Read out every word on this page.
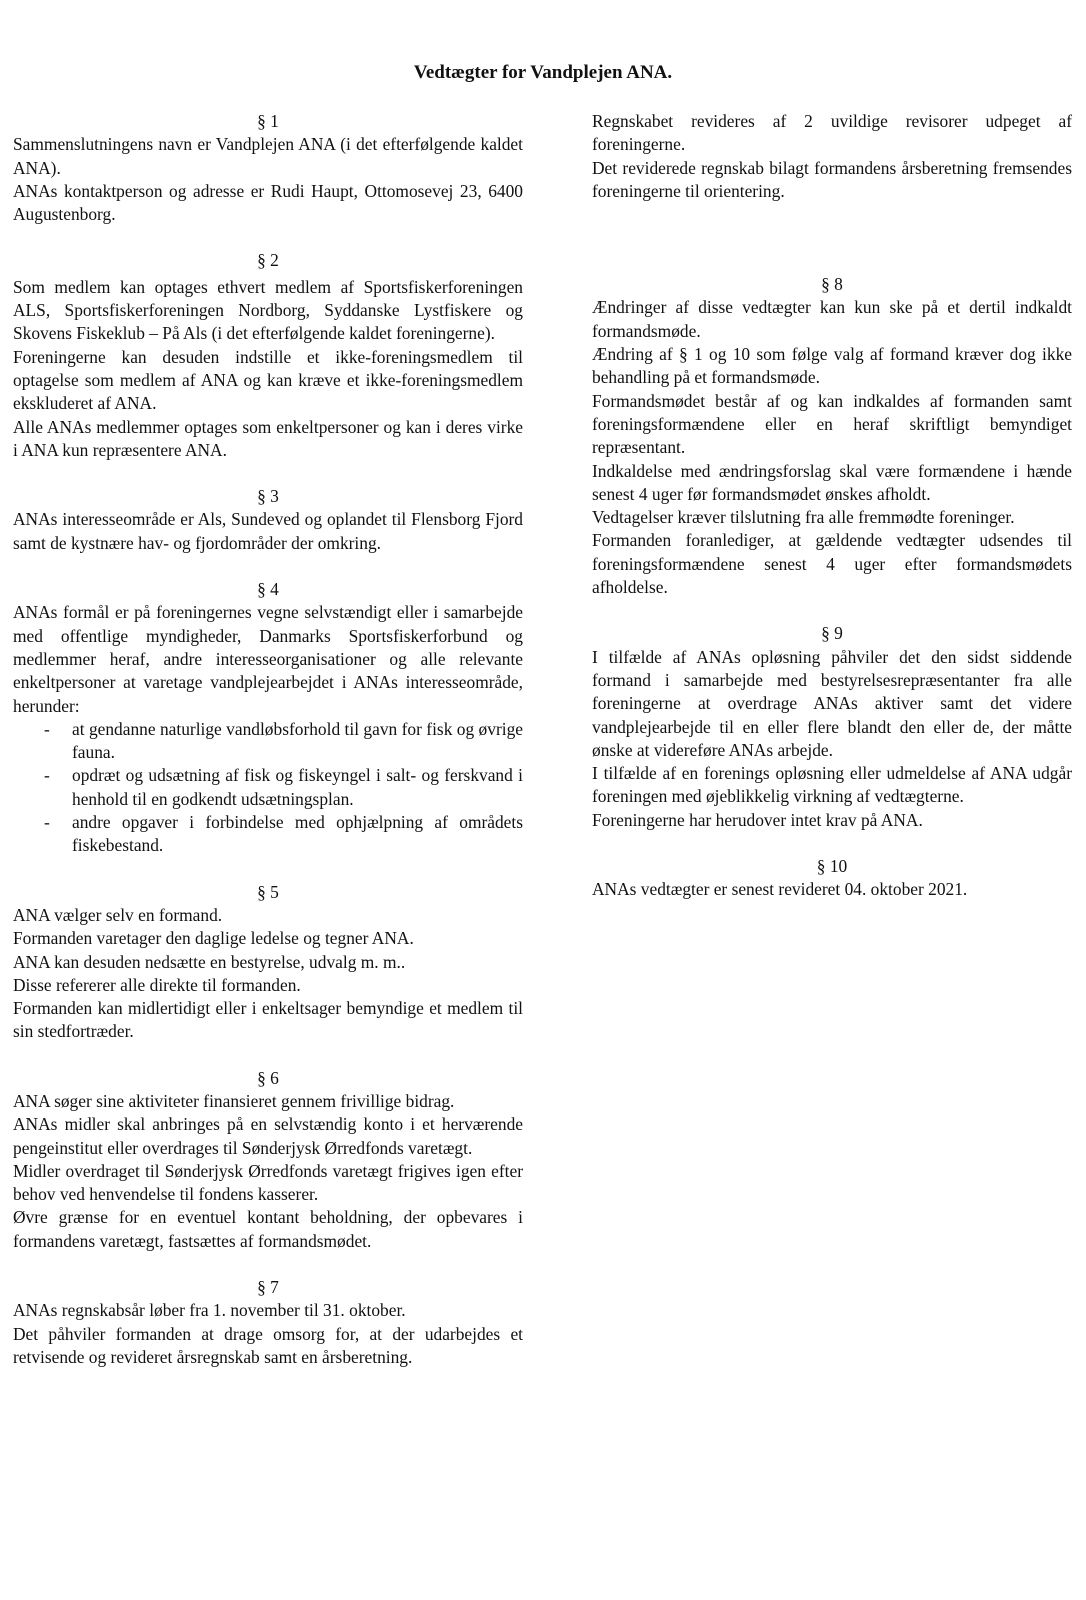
Vedtægter for Vandplejen ANA.
§ 1
Sammenslutningens navn er Vandplejen ANA (i det efterfølgende kaldet ANA).
ANAs kontaktperson og adresse er Rudi Haupt, Ottomosevej 23, 6400 Augustenborg.
§ 2
Som medlem kan optages ethvert medlem af Sportsfiskerforeningen ALS, Sportsfiskerforeningen Nordborg, Syddanske Lystfiskere og Skovens Fiskeklub – På Als (i det efterfølgende kaldet foreningerne).
Foreningerne kan desuden indstille et ikke-foreningsmedlem til optagelse som medlem af ANA og kan kræve et ikke-foreningsmedlem ekskluderet af ANA.
Alle ANAs medlemmer optages som enkeltpersoner og kan i deres virke i ANA kun repræsentere ANA.
§ 3
ANAs interesseområde er Als, Sundeved og oplandet til Flensborg Fjord samt de kystnære hav- og fjordområder der omkring.
§ 4
ANAs formål er på foreningernes vegne selvstændigt eller i samarbejde med offentlige myndigheder, Danmarks Sportsfiskerforbund og medlemmer heraf, andre interesseorganisationer og alle relevante enkeltpersoner at varetage vandplejearbejdet i ANAs interesseområde, herunder:
- at gendanne naturlige vandløbsforhold til gavn for fisk og øvrige fauna.
- opdræt og udsætning af fisk og fiskeyngel i salt- og ferskvand i henhold til en godkendt udsætningsplan.
- andre opgaver i forbindelse med ophjælpning af områdets fiskebestand.
§ 5
ANA vælger selv en formand.
Formanden varetager den daglige ledelse og tegner ANA.
ANA kan desuden nedsætte en bestyrelse, udvalg m. m..
Disse refererer alle direkte til formanden.
Formanden kan midlertidigt eller i enkeltsager bemyndige et medlem til sin stedfortræder.
§ 6
ANA søger sine aktiviteter finansieret gennem frivillige bidrag.
ANAs midler skal anbringes på en selvstændig konto i et herværende pengeinstitut eller overdrages til Sønderjysk Ørredfonds varetægt.
Midler overdraget til Sønderjysk Ørredfonds varetægt frigives igen efter behov ved henvendelse til fondens kasserer.
Øvre grænse for en eventuel kontant beholdning, der opbevares i formandens varetægt, fastsættes af formandsmødet.
§ 7
ANAs regnskabsår løber fra 1. november til 31. oktober.
Det påhviler formanden at drage omsorg for, at der udarbejdes et retvisende og revideret årsregnskab samt en årsberetning.
Regnskabet revideres af 2 uvildige revisorer udpeget af foreningerne.
Det reviderede regnskab bilagt formandens årsberetning fremsendes foreningerne til orientering.
§ 8
Ændringer af disse vedtægter kan kun ske på et dertil indkaldt formandsmøde.
Ændring af § 1 og 10 som følge valg af formand kræver dog ikke behandling på et formandsmøde.
Formandsmødet består af og kan indkaldes af formanden samt foreningsformændene eller en heraf skriftligt bemyndiget repræsentant.
Indkaldelse med ændringsforslag skal være formændene i hænde senest 4 uger før formandsmødet ønskes afholdt.
Vedtagelser kræver tilslutning fra alle fremmødte foreninger.
Formanden foranlediger, at gældende vedtægter udsendes til foreningsformændene senest 4 uger efter formandsmødets afholdelse.
§ 9
I tilfælde af ANAs opløsning påhviler det den sidst siddende formand i samarbejde med bestyrelsesrepræsentanter fra alle foreningerne at overdrage ANAs aktiver samt det videre vandplejearbejde til en eller flere blandt den eller de, der måtte ønske at videreføre ANAs arbejde.
I tilfælde af en forenings opløsning eller udmeldelse af ANA udgår foreningen med øjeblikkelig virkning af vedtægterne.
Foreningerne har herudover intet krav på ANA.
§ 10
ANAs vedtægter er senest revideret 04. oktober 2021.
